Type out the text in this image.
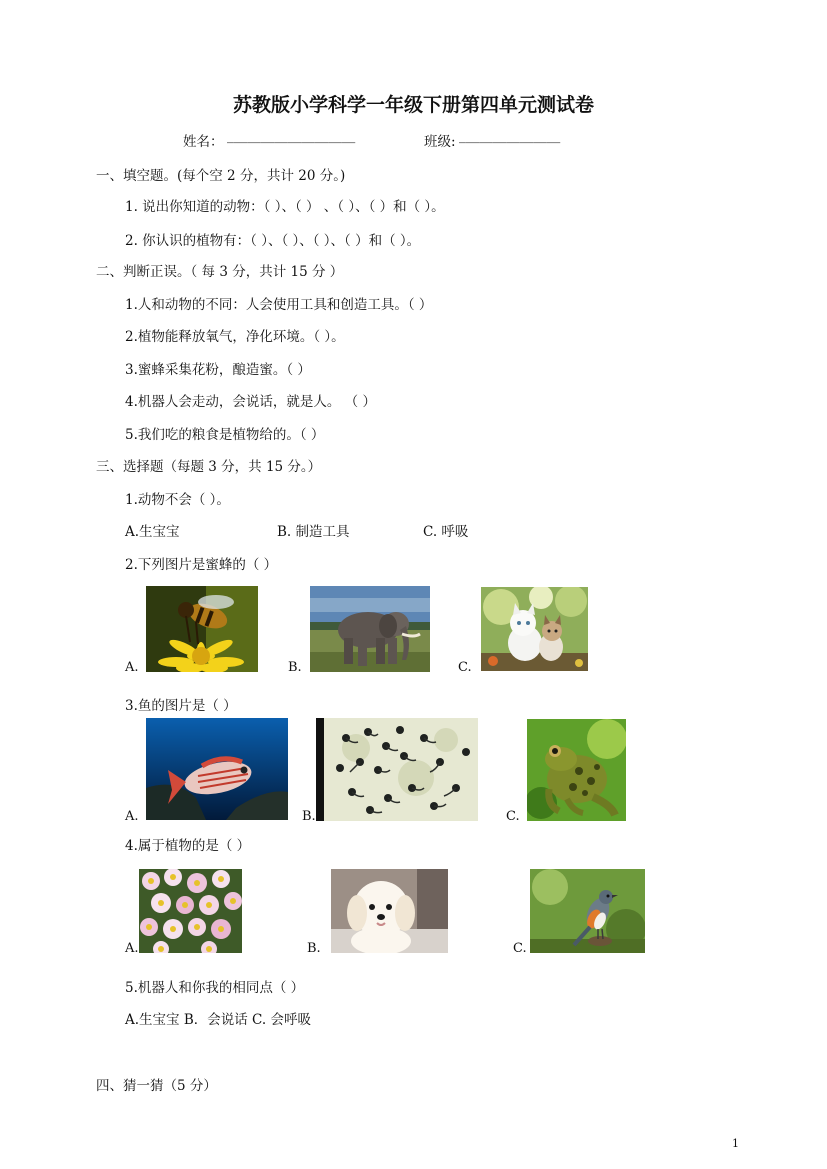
苏教版小学科学一年级下册第四单元测试卷
姓名： ___________________	班级: _______________
一、填空题。(每个空 2 分，共计 20 分。)
1. 说出你知道的动物：（ ）、（ ） 、（ ）、（ ）和（ ）。
2. 你认识的植物有：（ ）、（ ）、（ ）、（ ）和（ ）。
二、判断正误。（ 每 3 分，共计 15 分 ）
1.人和动物的不同：人会使用工具和创造工具。（ ）
2.植物能释放氧气，净化环境。（ ）。
3.蜜蜂采集花粉，酿造蜜。（ ）
4.机器人会走动，会说话，就是人。 （ ）
5.我们吃的粮食是植物给的。（ ）
三、选择题（每题 3 分，共 15 分。）
1.动物不会（ ）。
A.生宝宝	B. 制造工具	C. 呼吸
2.下列图片是蜜蜂的（ ）
A.	B.	C.
3.鱼的图片是（ ）
A.	B.	C.
4.属于植物的是（ ）
A.	B.	C.
5.机器人和你我的相同点（ ）
A.生宝宝 B．会说话 C. 会呼吸
四、猜一猜（5 分）
1
